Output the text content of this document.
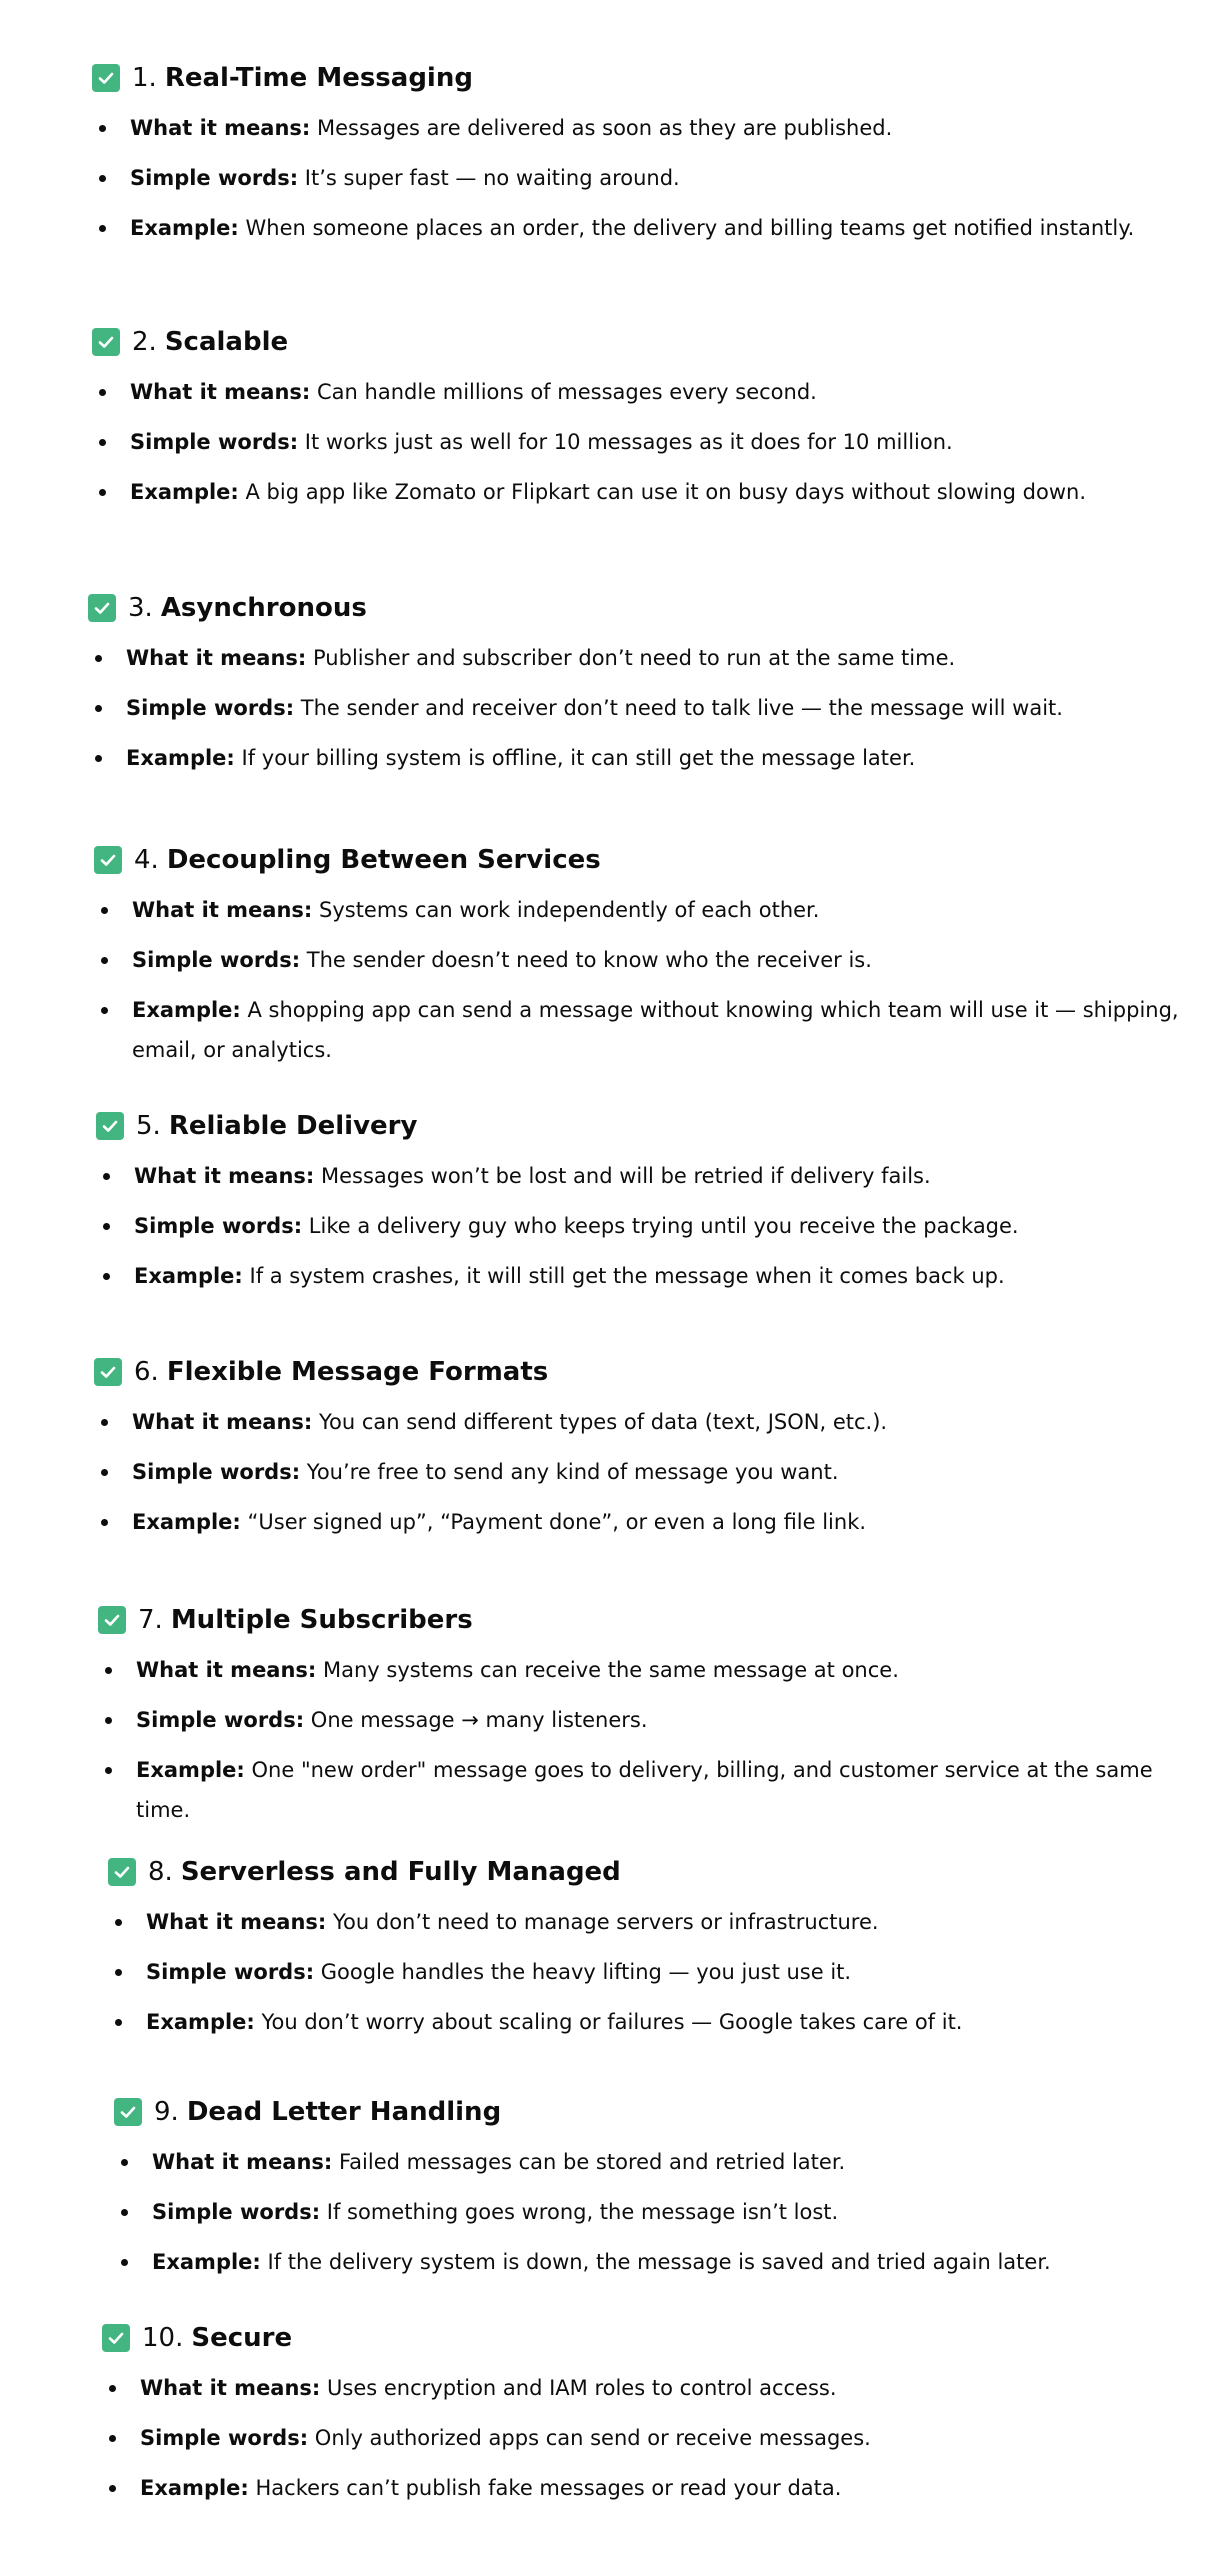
1. Real-Time Messaging
What it means: Messages are delivered as soon as they are published.
Simple words: It’s super fast — no waiting around.
Example: When someone places an order, the delivery and billing teams get notified instantly.
2. Scalable
What it means: Can handle millions of messages every second.
Simple words: It works just as well for 10 messages as it does for 10 million.
Example: A big app like Zomato or Flipkart can use it on busy days without slowing down.
3. Asynchronous
What it means: Publisher and subscriber don’t need to run at the same time.
Simple words: The sender and receiver don’t need to talk live — the message will wait.
Example: If your billing system is offline, it can still get the message later.
4. Decoupling Between Services
What it means: Systems can work independently of each other.
Simple words: The sender doesn’t need to know who the receiver is.
Example: A shopping app can send a message without knowing which team will use it — shipping, email, or analytics.
5. Reliable Delivery
What it means: Messages won’t be lost and will be retried if delivery fails.
Simple words: Like a delivery guy who keeps trying until you receive the package.
Example: If a system crashes, it will still get the message when it comes back up.
6. Flexible Message Formats
What it means: You can send different types of data (text, JSON, etc.).
Simple words: You’re free to send any kind of message you want.
Example: “User signed up”, “Payment done”, or even a long file link.
7. Multiple Subscribers
What it means: Many systems can receive the same message at once.
Simple words: One message → many listeners.
Example: One "new order" message goes to delivery, billing, and customer service at the same time.
8. Serverless and Fully Managed
What it means: You don’t need to manage servers or infrastructure.
Simple words: Google handles the heavy lifting — you just use it.
Example: You don’t worry about scaling or failures — Google takes care of it.
9. Dead Letter Handling
What it means: Failed messages can be stored and retried later.
Simple words: If something goes wrong, the message isn’t lost.
Example: If the delivery system is down, the message is saved and tried again later.
10. Secure
What it means: Uses encryption and IAM roles to control access.
Simple words: Only authorized apps can send or receive messages.
Example: Hackers can’t publish fake messages or read your data.
